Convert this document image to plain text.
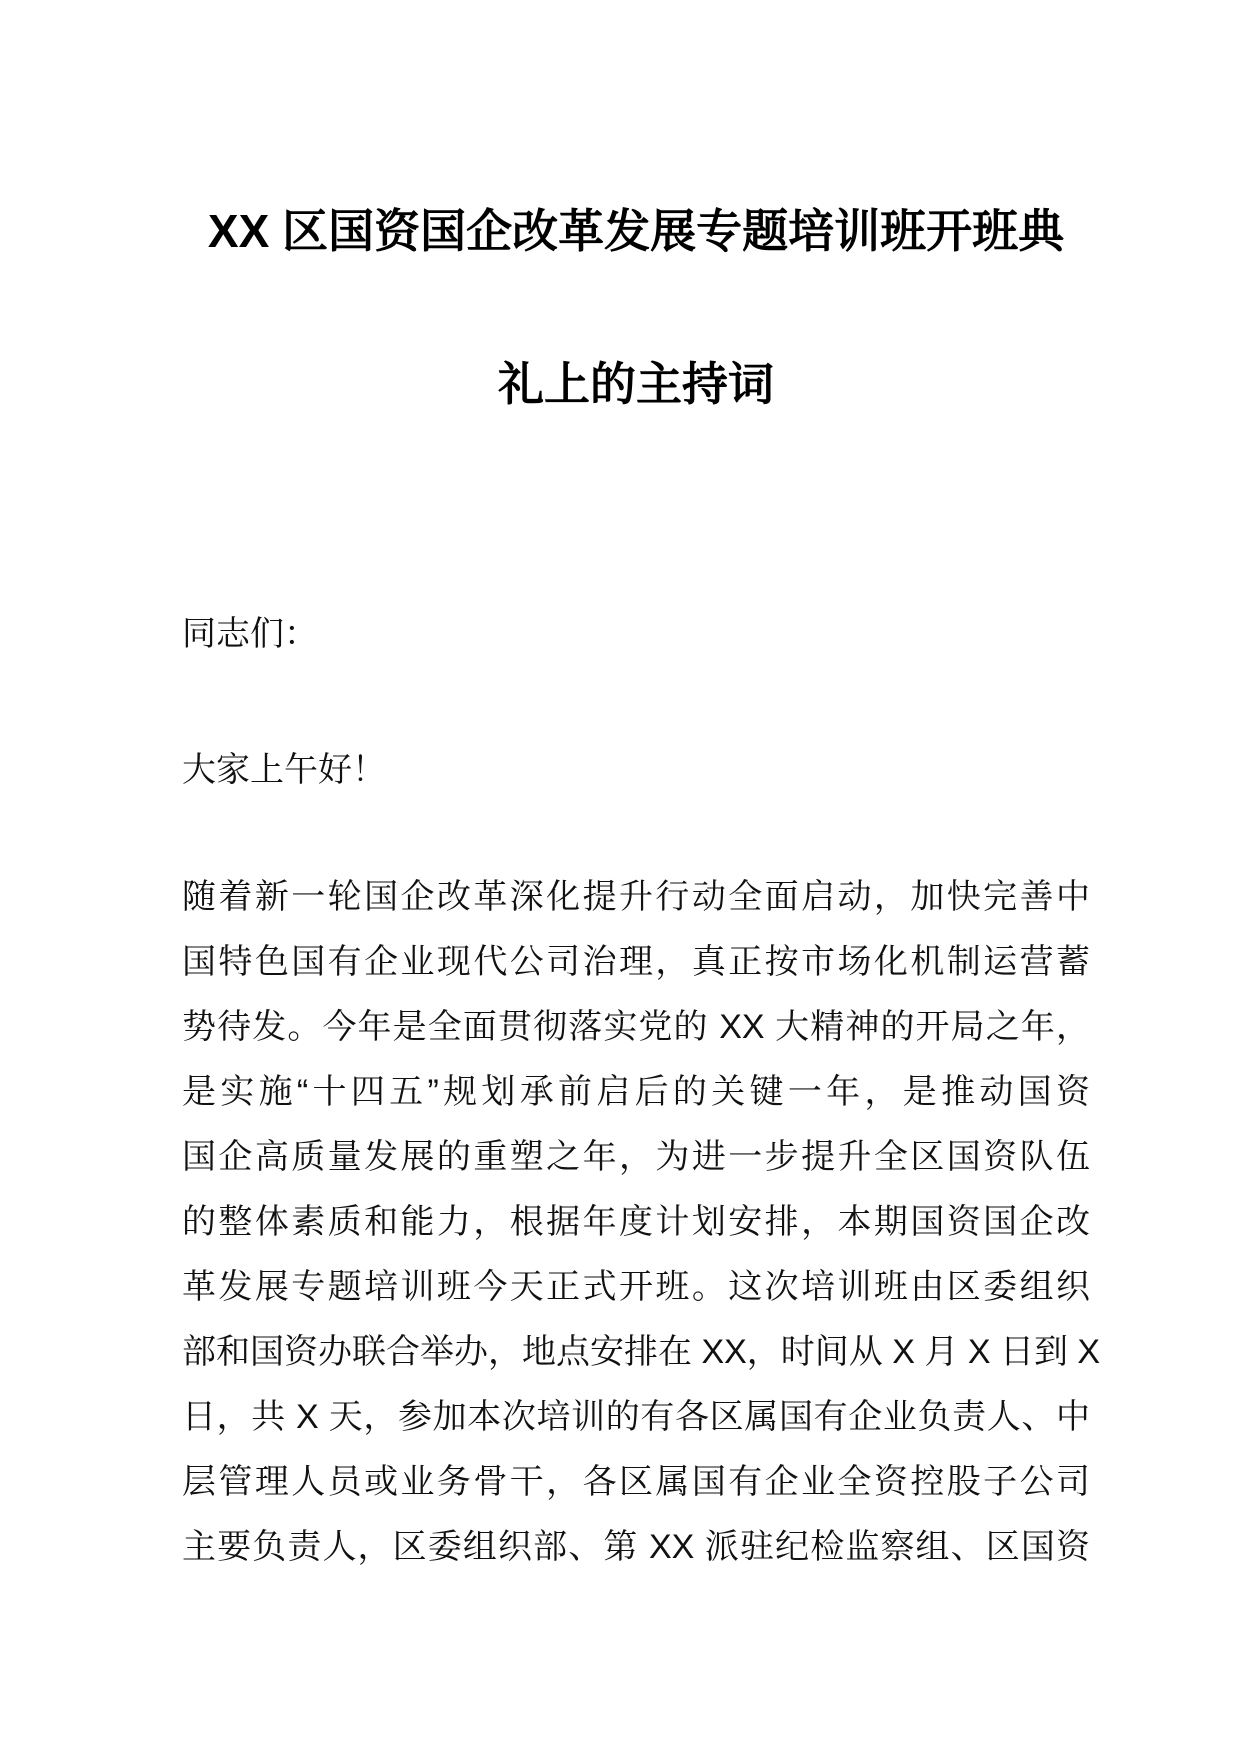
XX 区国资国企改革发展专题培训班开班典
礼上的主持词

同志们：

大家上午好！

随着新一轮国企改革深化提升行动全面启动，加快完善中
国特色国有企业现代公司治理，真正按市场化机制运营蓄
势待发。今年是全面贯彻落实党的 XX 大精神的开局之年，
是实施“十四五”规划承前启后的关键一年，是推动国资
国企高质量发展的重塑之年，为进一步提升全区国资队伍
的整体素质和能力，根据年度计划安排，本期国资国企改
革发展专题培训班今天正式开班。这次培训班由区委组织
部和国资办联合举办，地点安排在 XX，时间从 X 月 X 日到 X
日，共 X 天，参加本次培训的有各区属国有企业负责人、中
层管理人员或业务骨干，各区属国有企业全资控股子公司
主要负责人，区委组织部、第 XX 派驻纪检监察组、区国资
